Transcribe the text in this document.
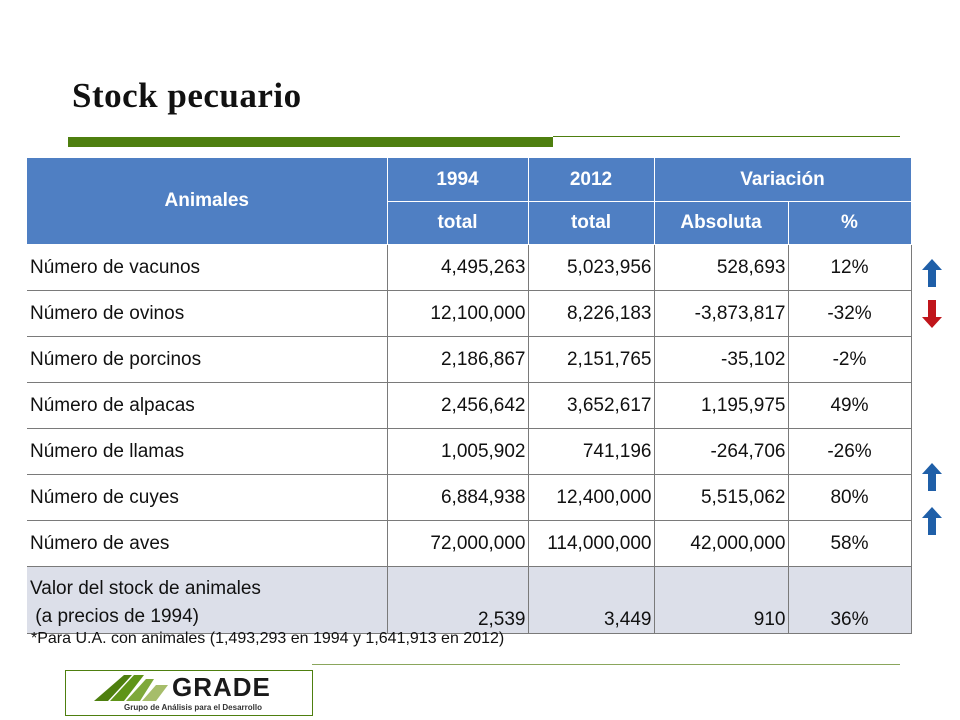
Stock pecuario
Animales	1994	2012	Variación	
	total	total	Absoluta	%
Número de vacunos	4,495,263	5,023,956	528,693	12%
Número de ovinos	12,100,000	8,226,183	-3,873,817	-32%
Número de porcinos	2,186,867	2,151,765	-35,102	-2%
Número de alpacas	2,456,642	3,652,617	1,195,975	49%
Número de llamas	1,005,902	741,196	-264,706	-26%
Número de cuyes	6,884,938	12,400,000	5,515,062	80%
Número de aves	72,000,000	114,000,000	42,000,000	58%

Valor del stock de animales
(a precios de 1994)	2,539	3,449	910	36%
*Para U.A. con animales (1,493,293 en 1994 y 1,641,913 en 2012)
GRADE
Grupo de Análisis para el Desarrollo
